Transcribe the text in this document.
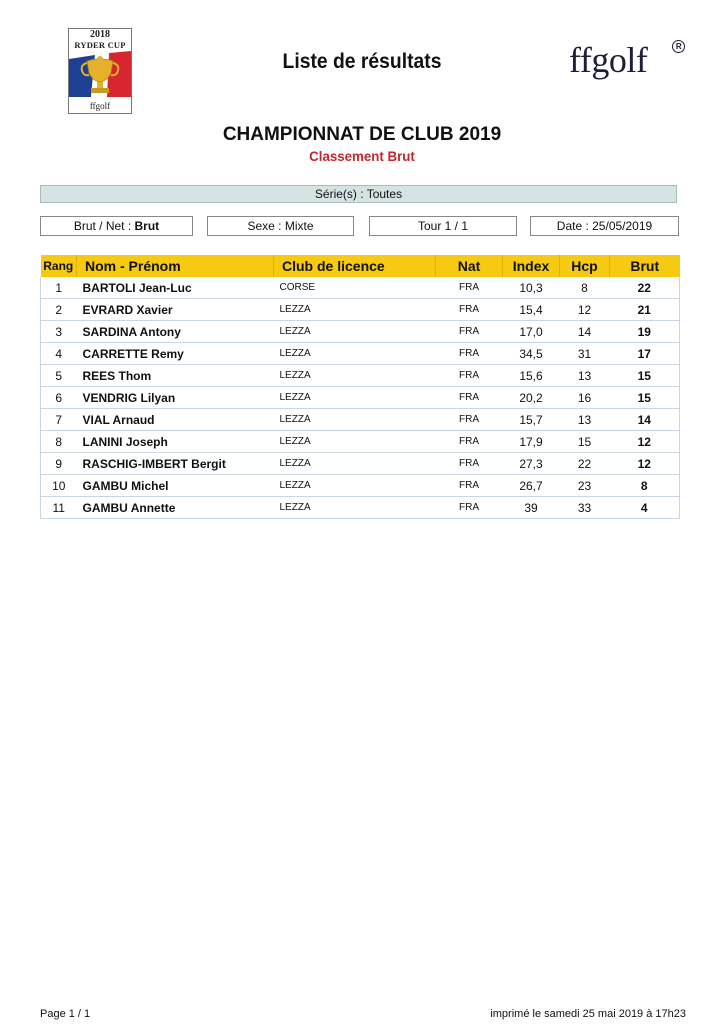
2018
RYDER CUP
ffgolf
Liste de résultats	ffgolf	R
CHAMPIONNAT DE CLUB 2019
Classement Brut
Série(s) : Toutes
Brut / Net : Brut	Sexe : Mixte	Tour 1 / 1	Date : 25/05/2019
Rang	Nom - Prénom	Club de licence	Nat	Index	Hcp	Brut
1	BARTOLI Jean-Luc	CORSE	FRA	10,3	8	22
2	EVRARD Xavier	LEZZA	FRA	15,4	12	21
3	SARDINA Antony	LEZZA	FRA	17,0	14	19
4	CARRETTE Remy	LEZZA	FRA	34,5	31	17
5	REES Thom	LEZZA	FRA	15,6	13	15
6	VENDRIG Lilyan	LEZZA	FRA	20,2	16	15
7	VIAL Arnaud	LEZZA	FRA	15,7	13	14
8	LANINI Joseph	LEZZA	FRA	17,9	15	12
9	RASCHIG-IMBERT Bergit	LEZZA	FRA	27,3	22	12
10	GAMBU Michel	LEZZA	FRA	26,7	23	8
11	GAMBU Annette	LEZZA	FRA	39	33	4
Page 1 / 1	imprimé le samedi 25 mai 2019 à 17h23
